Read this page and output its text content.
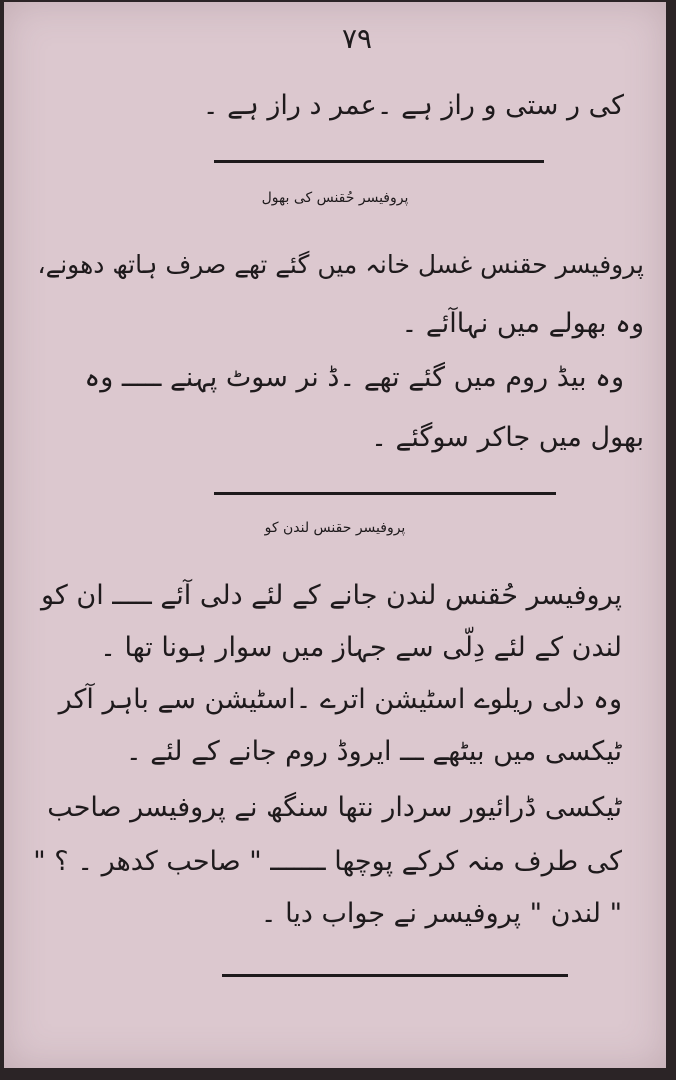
۷۹
کی ر ستی و راز ہے ۔عمر د راز ہے ۔
پروفیسر حُقنس کی بھول
پروفیسر حقنس غسل خانہ میں گئے تھے صرف ہاتھ دھونے،
وہ بھولے میں نہاآئے ۔
وہ بیڈ روم میں گئے تھے ۔ڈ نر سوٹ پہنے ـــــ وہ
بھول میں جاکر سوگئے ۔
پروفیسر حقنس لندن کو
پروفیسر حُقنس لندن جانے کے لئے دلی آئے ـــــ ان کو
لندن کے لئے دِلّی سے جہاز میں سوار ہونا تھا ۔
وہ دلی ریلوے اسٹیشن اترے ۔اسٹیشن سے باہر آکر
ٹیکسی میں بیٹھے ـــ ایروڈ روم جانے کے لئے ۔
ٹیکسی ڈرائیور سردار نتھا سنگھ نے پروفیسر صاحب
کی طرف منہ کرکے پوچھا ـــــــ " صاحب کدھر ۔ ؟ "
" لندن " پروفیسر نے جواب دیا ۔
